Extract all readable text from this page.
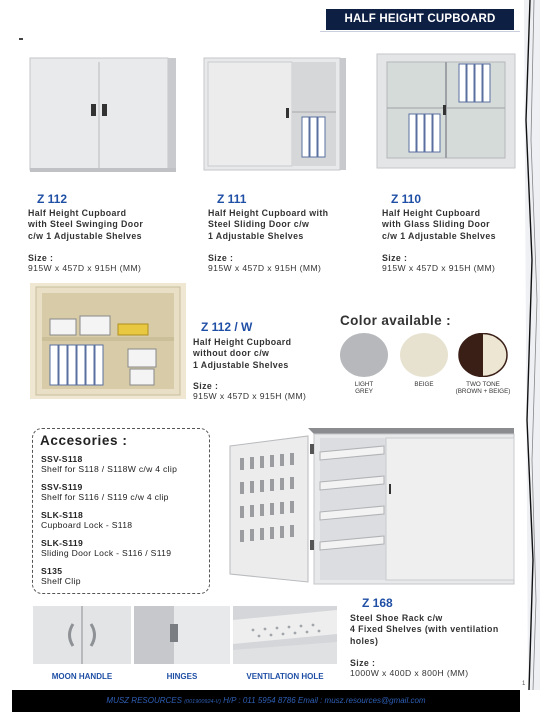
HALF HEIGHT CUPBOARD
1
Z 112
Half Height Cupboard
with Steel Swinging Door
c/w 1 Adjustable Shelves
Size :
915W x 457D x 915H (MM)
Z 111
Half Height Cupboard with
Steel Sliding Door c/w
1 Adjustable Shelves
Size :
915W x 457D x 915H (MM)
Z 110
Half Height Cupboard
with Glass Sliding Door
c/w 1 Adjustable Shelves
Size :
915W x 457D x 915H (MM)
Z 112 / W
Half Height Cupboard
without door c/w
1 Adjustable Shelves
Size :
915W x 457D x 915H (MM)
Color available :
LIGHT
GREY
BEIGE	TWO TONE
(BROWN + BEIGE)
Accesories :
SSV-S118
Shelf for S118 / S118W c/w 4 clip
SSV-S119
Shelf for S116 / S119 c/w 4 clip
SLK-S118
Cupboard Lock - S118
SLK-S119
Sliding Door Lock - S116 / S119
S135
Shelf Clip
Z 168
Steel Shoe Rack c/w
4 Fixed Shelves (with ventilation
holes)
Size :
1000W x 400D x 800H (MM)
MOON HANDLE	HINGES	VENTILATION HOLE
MUSZ RESOURCES (001900924-V) H/P : 011 5954 8786 Email : musz.resources@gmail.com
